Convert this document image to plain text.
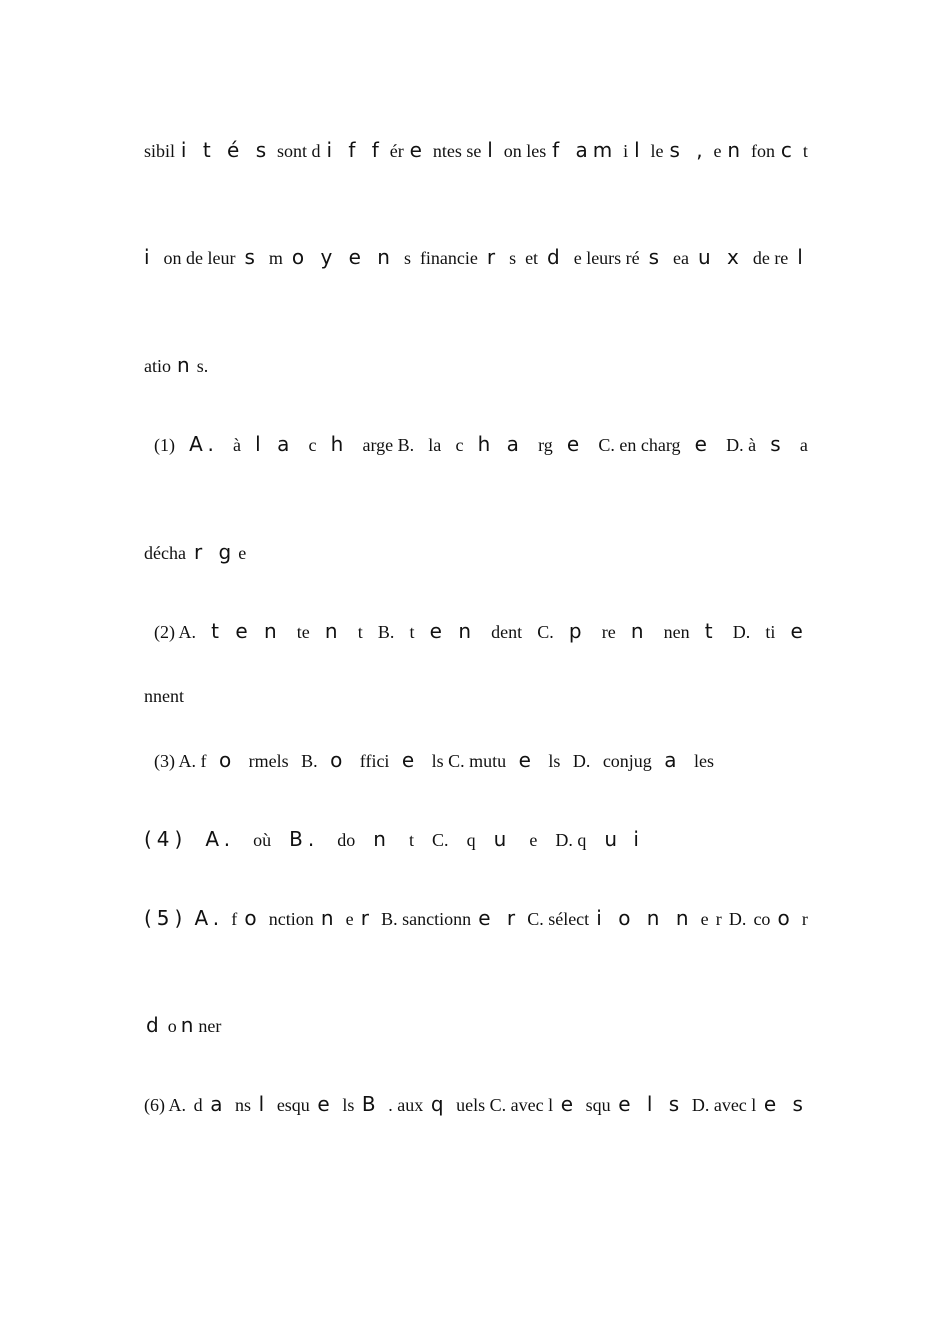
sibil i t é s sont d i f f ér e ntes se l on les f am i l le s , e n fon c t
i on de leur s m o y e n s financie r s et d e leurs ré s ea u x de re l
atio n s.
(1) A. à l a c h arge B. la c h a rg e C. en charg e D. à s a
décha r g e
(2) A. t e n te n t B. t e n dent C. p re n nen t D. ti e
nnent
(3) A. f o rmels B. o ffici e ls C. mutu e ls D. conjug a les
(4) A. où B. do n t C. q u e D. q u i
(5) A. f o nction n e r B. sanctionn e r C. sélect i o n n e r D. co o r
d o n ner
(6) A. d a ns l esqu e ls B . aux q uels C. avec l e squ e l s D. avec l e s
